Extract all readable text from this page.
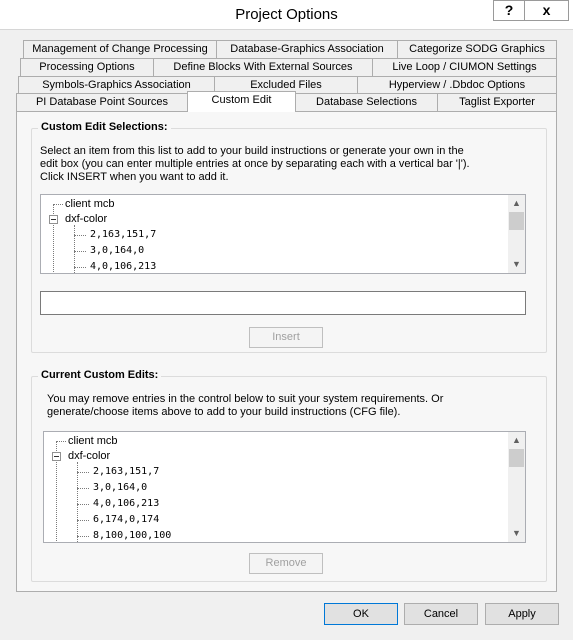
Project Options	?	x
Management of Change Processing	Database-Graphics Association	Categorize SODG Graphics
Processing Options	Define Blocks With External Sources	Live Loop / CIUMON Settings
Symbols-Graphics Association	Excluded Files	Hyperview / .Dbdoc Options
PI Database Point Sources	Custom Edit	Database Selections	Taglist Exporter
Custom Edit Selections:
Select an item from this list to add to your build instructions or generate your own in the
edit box (you can enter multiple entries at once by separating each with a vertical bar '|').
Click INSERT when you want to add it.
client mcb
dxf-color
2,163,151,7
3,0,164,0
4,0,106,213
▲
▼
Insert
Current Custom Edits:
You may remove entries in the control below to suit your system requirements. Or
generate/choose items above to add to your build instructions (CFG file).
client mcb
dxf-color
2,163,151,7
3,0,164,0
4,0,106,213
6,174,0,174
8,100,100,100
▲
▼
Remove
OK	Cancel	Apply
